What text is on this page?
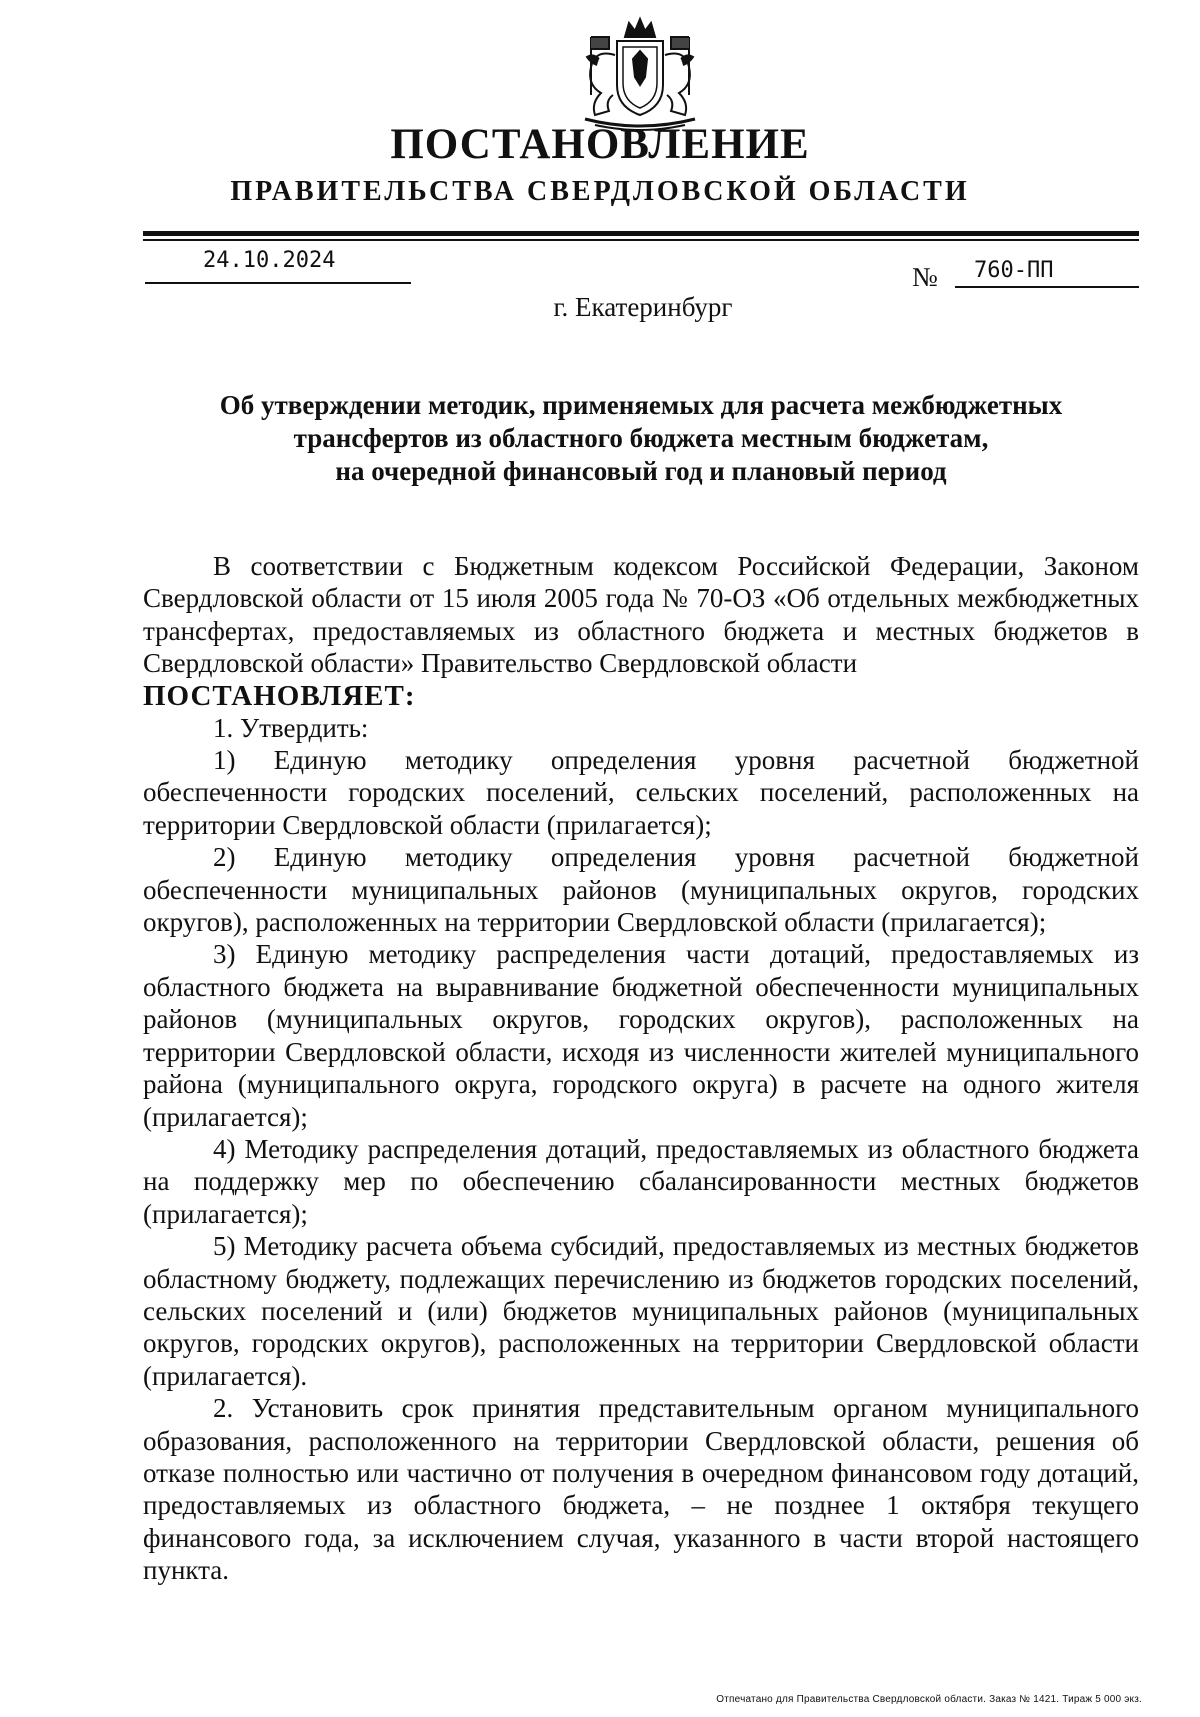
ПОСТАНОВЛЕНИЕ
ПРАВИТЕЛЬСТВА СВЕРДЛОВСКОЙ ОБЛАСТИ
24.10.2024
№ 760-ПП
г. Екатеринбург
Об утверждении методик, применяемых для расчета межбюджетных
трансфертов из областного бюджета местным бюджетам,
на очередной финансовый год и плановый период

В соответствии с Бюджетным кодексом Российской Федерации, Законом Свердловской области от 15 июля 2005 года № 70-ОЗ «Об отдельных межбюджетных трансфертах, предоставляемых из областного бюджета и местных бюджетов в Свердловской области» Правительство Свердловской области

ПОСТАНОВЛЯЕТ:

1. Утвердить:

1) Единую методику определения уровня расчетной бюджетной обеспеченности городских поселений, сельских поселений, расположенных на территории Свердловской области (прилагается);

2) Единую методику определения уровня расчетной бюджетной обеспеченности муниципальных районов (муниципальных округов, городских округов), расположенных на территории Свердловской области (прилагается);

3) Единую методику распределения части дотаций, предоставляемых из областного бюджета на выравнивание бюджетной обеспеченности муниципальных районов (муниципальных округов, городских округов), расположенных на территории Свердловской области, исходя из численности жителей муниципального района (муниципального округа, городского округа) в расчете на одного жителя (прилагается);

4) Методику распределения дотаций, предоставляемых из областного бюджета на поддержку мер по обеспечению сбалансированности местных бюджетов (прилагается);

5) Методику расчета объема субсидий, предоставляемых из местных бюджетов областному бюджету, подлежащих перечислению из бюджетов городских поселений, сельских поселений и (или) бюджетов муниципальных районов (муниципальных округов, городских округов), расположенных на территории Свердловской области (прилагается).

2. Установить срок принятия представительным органом муниципального образования, расположенного на территории Свердловской области, решения об отказе полностью или частично от получения в очередном финансовом году дотаций, предоставляемых из областного бюджета, – не позднее 1 октября текущего финансового года, за исключением случая, указанного в части второй настоящего пункта.

Отпечатано для Правительства Свердловской области. Заказ № 1421. Тираж 5 000 экз.
